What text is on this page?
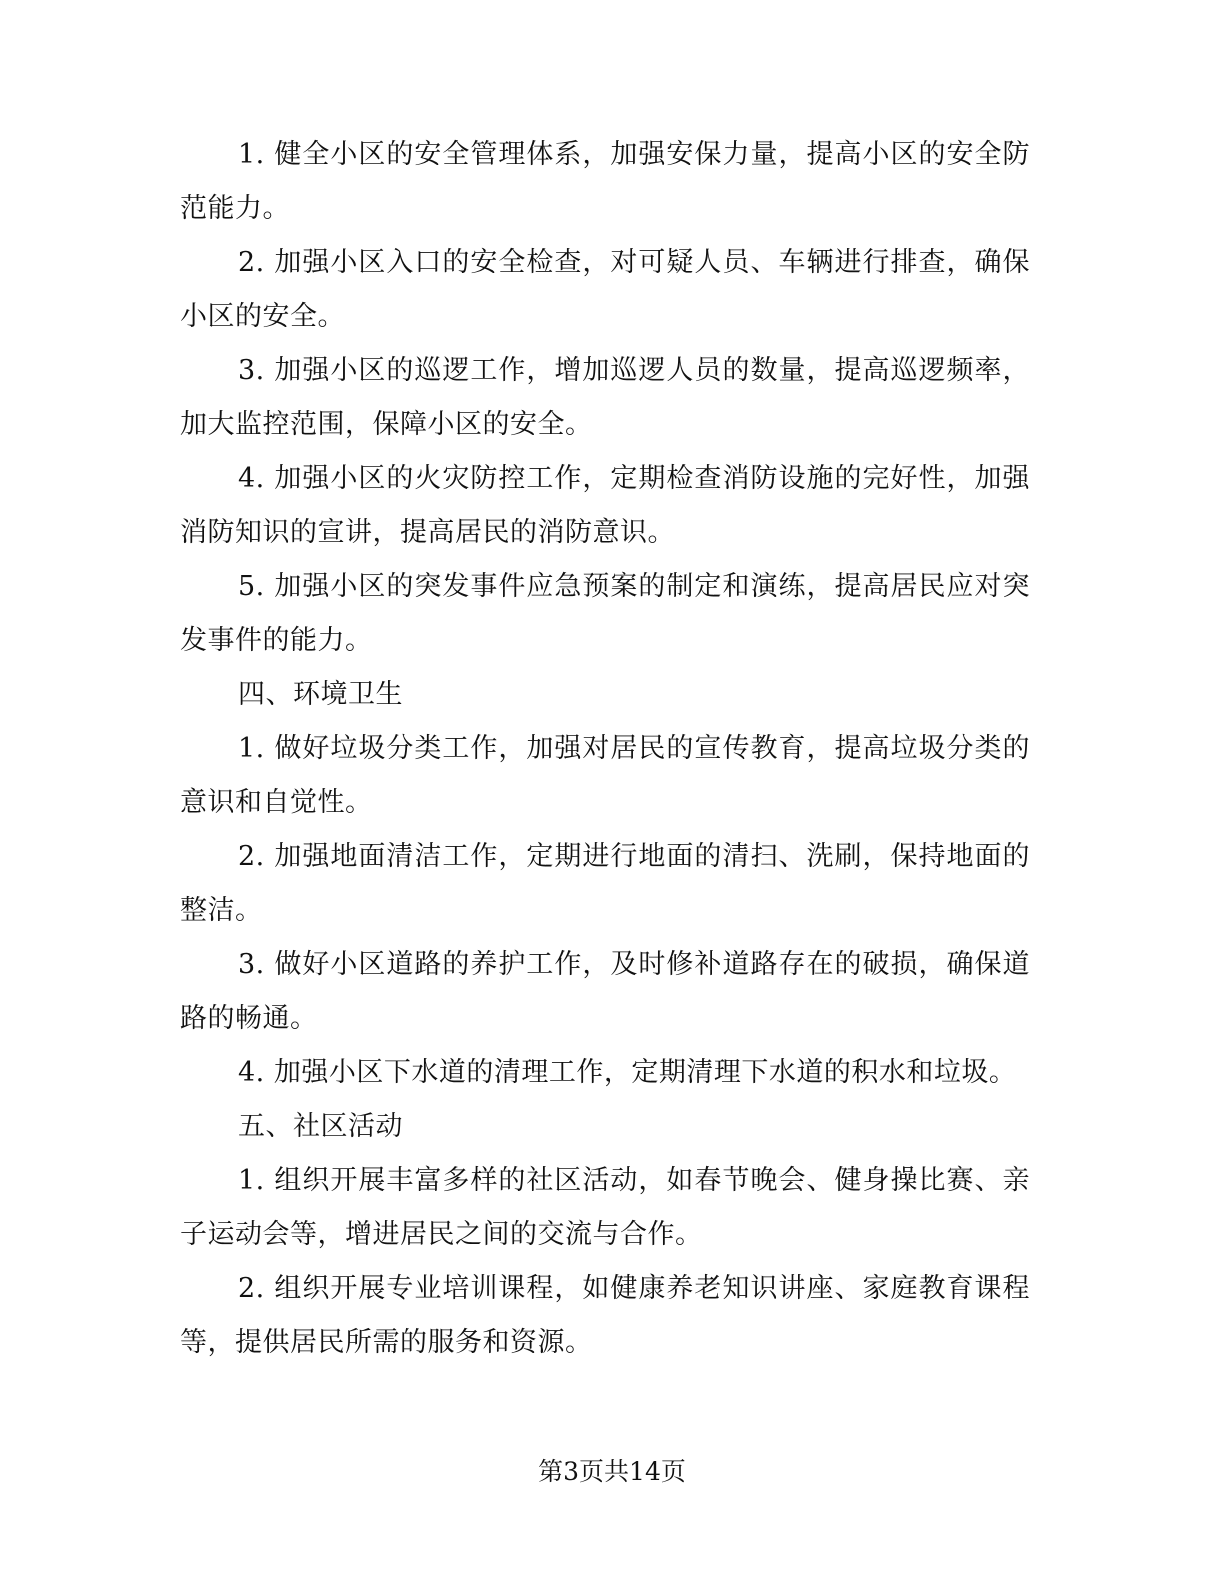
1. 健全小区的安全管理体系，加强安保力量，提高小区的安全防范能力。

2. 加强小区入口的安全检查，对可疑人员、车辆进行排查，确保小区的安全。

3. 加强小区的巡逻工作，增加巡逻人员的数量，提高巡逻频率，加大监控范围，保障小区的安全。

4. 加强小区的火灾防控工作，定期检查消防设施的完好性，加强消防知识的宣讲，提高居民的消防意识。

5. 加强小区的突发事件应急预案的制定和演练，提高居民应对突发事件的能力。

四、环境卫生

1. 做好垃圾分类工作，加强对居民的宣传教育，提高垃圾分类的意识和自觉性。

2. 加强地面清洁工作，定期进行地面的清扫、洗刷，保持地面的整洁。

3. 做好小区道路的养护工作，及时修补道路存在的破损，确保道路的畅通。

4. 加强小区下水道的清理工作，定期清理下水道的积水和垃圾。

五、社区活动

1. 组织开展丰富多样的社区活动，如春节晚会、健身操比赛、亲子运动会等，增进居民之间的交流与合作。

2. 组织开展专业培训课程，如健康养老知识讲座、家庭教育课程等，提供居民所需的服务和资源。

第3页共14页
